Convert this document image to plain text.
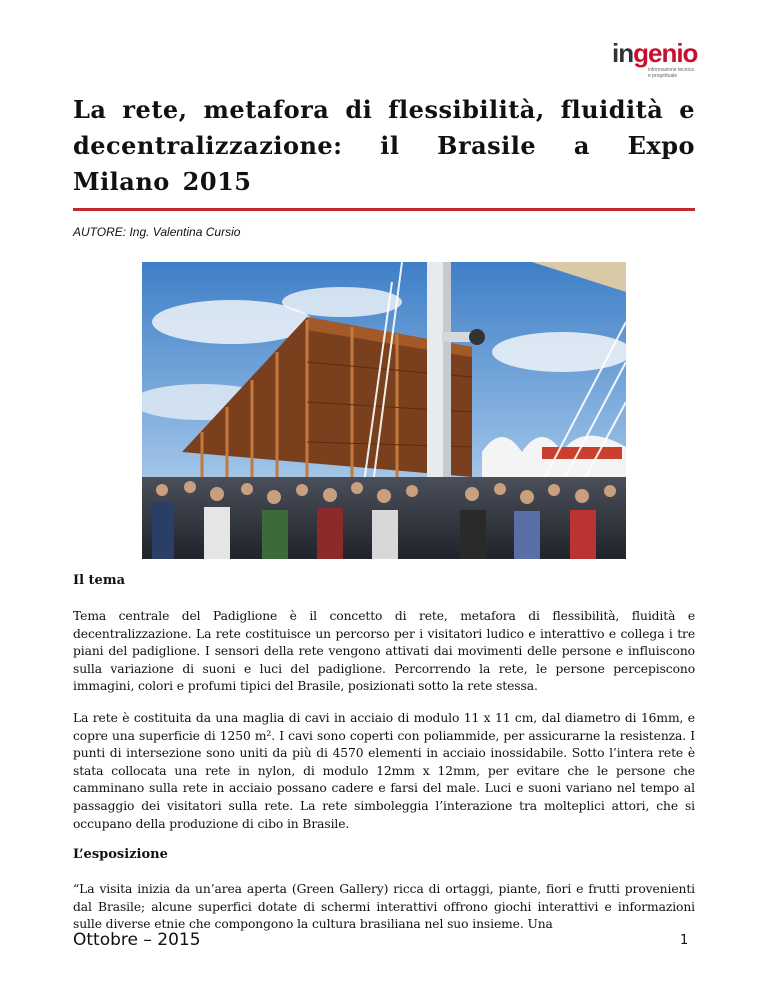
ingenio
informazione tecnica e progettuale
La rete, metafora di flessibilità, fluidità e decentralizzazione: il Brasile a Expo Milano 2015
AUTORE: Ing. Valentina Cursio
Il tema

Tema centrale del Padiglione è il concetto di rete, metafora di flessibilità, fluidità e decentralizzazione. La rete costituisce un percorso per i visitatori ludico e interattivo e collega i tre piani del padiglione. I sensori della rete vengono attivati dai movimenti delle persone e influiscono sulla variazione di suoni e luci del padiglione. Percorrendo la rete, le persone percepiscono immagini, colori e profumi tipici del Brasile, posizionati sotto la rete stessa.

La rete è costituita da una maglia di cavi in acciaio di modulo 11 x 11 cm, dal diametro di 16mm, e copre una superficie di 1250 m². I cavi sono coperti con poliammide, per assicurarne la resistenza. I punti di intersezione sono uniti da più di 4570 elementi in acciaio inossidabile. Sotto l’intera rete è stata collocata una rete in nylon, di modulo 12mm x 12mm, per evitare che le persone che camminano sulla rete in acciaio possano cadere e farsi del male. Luci e suoni variano nel tempo al passaggio dei visitatori sulla rete. La rete simboleggia l’interazione tra molteplici attori, che si occupano della produzione di cibo in Brasile.

L’esposizione

“La visita inizia da un’area aperta (Green Gallery) ricca di ortaggi, piante, fiori e frutti provenienti dal Brasile; alcune superfici dotate di schermi interattivi offrono giochi interattivi e informazioni sulle diverse etnie che compongono la cultura brasiliana nel suo insieme. Una

Ottobre – 2015	1
